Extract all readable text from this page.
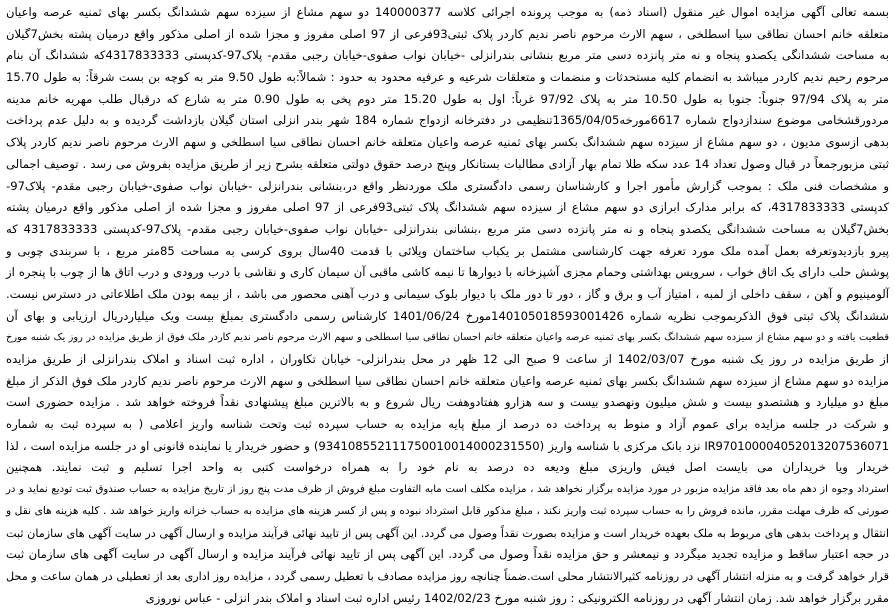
بسمه تعالی آگهی مزایده اموال غیر منقول (اسناد ذمه) به موجب پرونده اجرائی کلاسه 140000377 دو سهم مشاع از سیزده سهم ششدانگ بکسر بهای ثمنیه عرصه واعیان
متعلقه خانم احسان نطاقی سیا اسطلخی ، سهم الارث مرحوم ناصر ندیم کاردر پلاک ثبتی93فرعی از 97 اصلی مفروز و مجزا شده از اصلی مذکور واقع درمیان پشته بخش7گیلان
به مساحت ششدانگی یکصدو پنجاه و نه متر پانزده دسی متر مربع بنشانی بندرانزلی -خیابان نواب صفوی-خیابان رجبی مقدم- پلاک97-کدپستی 4317833333که ششدانگ آن بنام
مرحوم رحیم ندیم کاردر میباشد به انضمام کلیه مستحدثات و منضمات و متعلقات شرعیه و عرفیه محدود به حدود : شمالاً:به طول 9.50 متر به کوچه بن بست شرقاً: به طول 15.70
متر به پلاک 97/94 جنوباً: جنوبا به طول 10.50 متر به پلاک 97/92 غرباً: اول به طول 15.20 متر دوم پخی به طول 0.90 متر به شارع که درقبال طلب مهریه خانم مدینه
مردورقشخامی موضوع سندازدواج شماره 6617مورخه1365/04/05تنظیمی در دفترخانه ازدواج شماره 184 شهر بندر انزلی استان گیلان بازداشت گردیده و به دلیل عدم پرداخت
بدهی ازسوی مدیون ، دو سهم مشاع از سیزده سهم ششدانگ بکسر بهای ثمنیه عرصه واعیان متعلقه خانم احسان نطاقی سیا اسطلخی و سهم الارث مرحوم ناصر ندیم کاردر پلاک
ثبتی مزبورجمعاً در قبال وصول تعداد 14 عدد سکه طلا تمام بهار آزادی مطالبات بستانکار وپنج درصد حقوق دولتی متعلقه بشرح زیر از طریق مزایده بفروش می رسد . توصیف اجمالی
و مشخصات فنی ملک : بموجب گزارش مأمور اجرا و کارشناسان رسمی دادگستری ملک موردنظر واقع در،بنشانی بندرانزلی -خیابان نواب صفوی-خیابان رجبی مقدم- پلاک97-
کدپستی 4317833333، که برابر مدارک ابرازی دو سهم مشاع از سیزده سهم ششدانگ پلاک ثبتی93فرعی از 97 اصلی مفروز و مجزا شده از اصلی مذکور واقع درمیان پشته
بخش7گیلان به مساحت ششدانگی یکصدو پنجاه و نه متر پانزده دسی متر مربع ،بنشانی بندرانزلی -خیابان نواب صفوی-خیابان رجبی مقدم- پلاک97-کدپستی 4317833333 که
پیرو بازدیدوتعرفه بعمل آمده ملک مورد تعرفه جهت کارشناسی مشتمل بر یکباب ساختمان ویلائی با قدمت 40سال بروی کرسی به مساحت 85متر مربع ، با سربندی چوبی و
پوشش حلب دارای یک اتاق خواب ، سرویس بهداشتی وحمام مجزی آشپزخانه با دیوارها تا نیمه کاشی ماقبی آن سیمان کاری و نقاشی با درب ورودی و درب اتاق ها از چوب با پنجره از
آلومینیوم و آهن ، سقف داخلی از لمبه ، امتیاز آب و برق و گاز ، دور تا دور ملک با دیوار بلوک سیمانی و درب آهنی محصور می باشد ، از بیمه بودن ملک اطلاعاتی در دسترس نیست.
ششدانگ پلاک ثبتی فوق الذکربموجب نظریه شماره 140105018593001426مورخ 1401/06/24 کارشناس رسمی دادگستری بمبلغ بیست ویک میلیاردریال ارزیابی و بهای آن
قطعیت یافته و دو سهم مشاع از سیزده سهم ششدانگ بکسر بهای ثمنیه عرصه واعیان متعلقه خانم احسان نطاقی سیا اسطلخی و سهم الارث مرحوم ناصر ندیم کاردر ملک فوق از طریق مزایده در روز یک شنبه مورخ
از طریق مزایده در روز یک شنبه مورخ 1402/03/07 از ساعت 9 صبح الی 12 ظهر در محل بندرانزلی- خیابان تکاوران ، اداره ثبت اسناد و املاک بندرانزلی از طریق مزایده
مزایده دو سهم مشاع از سیزده سهم ششدانگ بکسر بهای ثمنیه عرصه واعیان متعلقه خانم احسان نطاقی سیا اسطلخی و سهم الارث مرحوم ناصر ندیم کاردر ملک فوق الذکر از مبلغ
مبلغ دو میلیارد و هشتصدو بیست و شش میلیون ونهصدو بیست و سه هزارو هفتادوهفت ریال شروع و به بالاترین مبلغ پیشنهادی نقداً فروخته خواهد شد . مزایده حضوری است
و شرکت در جلسه مزایده برای عموم آزاد و منوط به پرداخت ده درصد از مبلغ پایه مزایده به حساب سپرده ثبت وتحت شناسه واریز اعلامی ( به سپرده ثبت به شماره
IR970100004052013207536071 نزد بانک مرکزی با شناسه واریز (934108552111750010014000231550) و حضور خریدار یا نماینده قانونی او در جلسه مزایده است ، لذا
خریدار ویا خریداران می بایست اصل فیش واریزی مبلغ ودیعه ده درصد به نام خود را به همراه درخواست کتبی به واحد اجرا تسلیم و ثبت نمایند. همچنین
استرداد وجوه از دهم ماه بعد فاقد مزایده مزبور در مورد مزایده برگزار نخواهد شد ، مزایده مکلف است مابه التفاوت مبلغ فروش از ظرف مدت پنج روز از تاریخ مزایده به حساب صندوق ثبت تودیع نماید و در
صورتی که ظرف مهلت مقرر، مانده فروش را به حساب سپرده ثبت واریز نکند ، مبلغ مذکور قابل استرداد نبوده و پس از کسر هزینه های مزایده به حساب خزانه واریز خواهد شد . کلیه هزینه های نقل و
انتقال و پرداخت بدهی های مربوط به ملک بعهده خریدار است و مزایده بصورت نقداً وصول می گردد. این آگهی پس از تایید نهائی فرآیند مزایده و ارسال آگهی در سایت آگهی های سازمان ثبت
در حجه اعتبار ساقط و مزایده تجدید میگردد و نیمعشر و حق مزایده نقداً وصول می گردد. این آگهی پس از تایید نهائی فرآیند مزایده و ارسال آگهی در سایت آگهی های سازمان ثبت
قرار خواهد گرفت و به منزله انتشار آگهی در روزنامه کثیرالانتشار محلی است.ضمناً چنانچه روز مزایده مصادف با تعطیل رسمی گردد ، مزایده روز اداری بعد از تعطیلی در همان ساعت و محل
مقرر برگزار خواهد شد. زمان انتشار آگهی در روزنامه الکترونیکی : روز شنبه مورخ 1402/02/23 رئیس اداره ثبت اسناد و املاک بندر انزلی - عباس نوروزی
